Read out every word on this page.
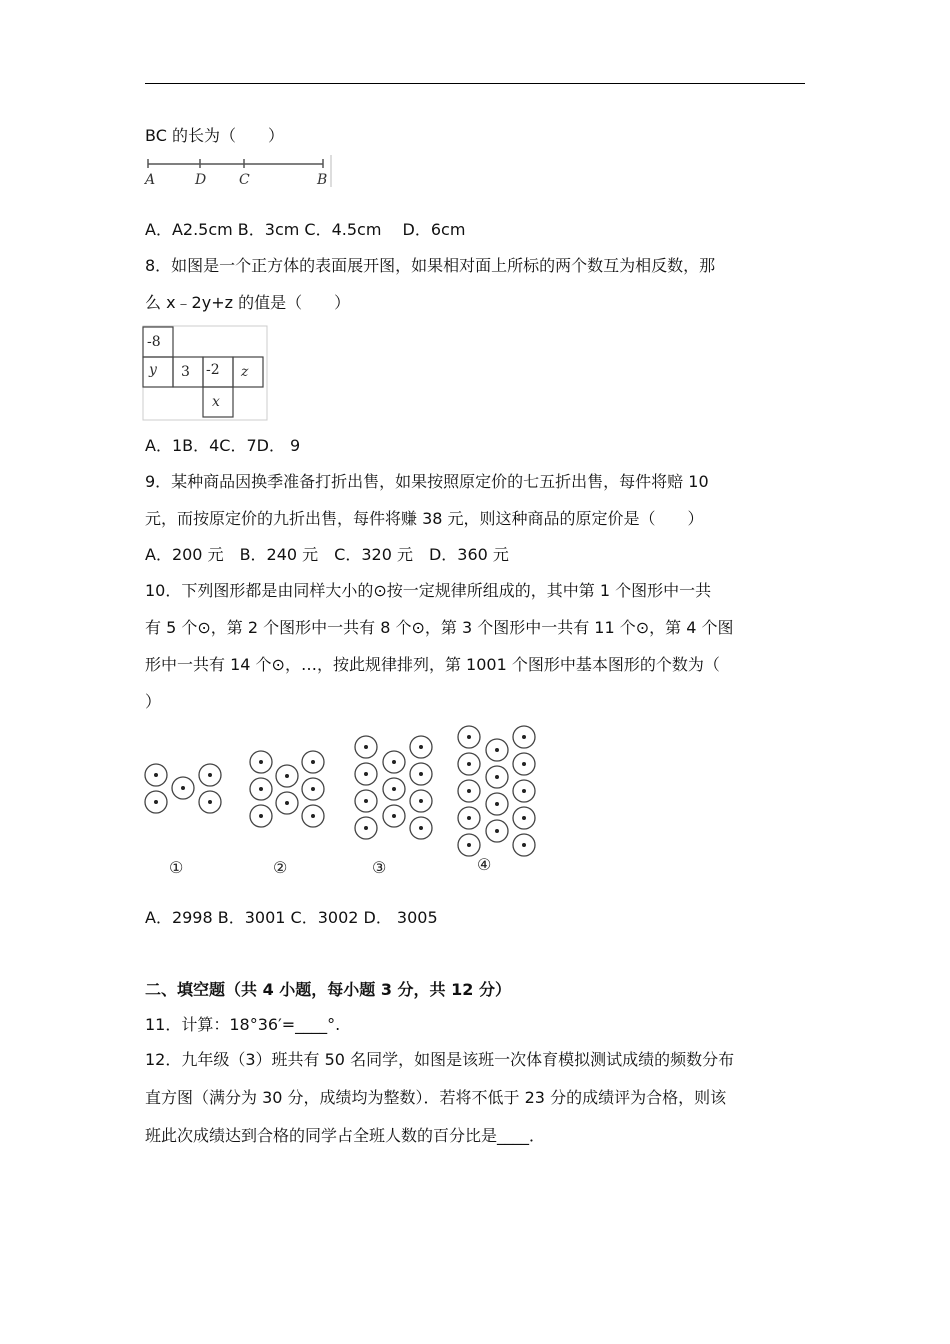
BC 的长为（　　）
A	D C	B
A．A2.5cm B．3cm C．4.5cm　 D．6cm
8．如图是一个正方体的表面展开图，如果相对面上所标的两个数互为相反数，那
么 x﹣2y+z 的值是（　　）
-8
y 3 -2 z
x
A．1B．4C．7D． 9
9．某种商品因换季准备打折出售，如果按照原定价的七五折出售，每件将赔 10
元，而按原定价的九折出售，每件将赚 38 元，则这种商品的原定价是（　　）
A．200 元　B．240 元　C．320 元　D．360 元
10．下列图形都是由同样大小的⊙按一定规律所组成的，其中第 1 个图形中一共
有 5 个⊙，第 2 个图形中一共有 8 个⊙，第 3 个图形中一共有 11 个⊙，第 4 个图
形中一共有 14 个⊙，…，按此规律排列，第 1001 个图形中基本图形的个数为（
）
①	②	③	④
A．2998 B．3001 C．3002 D． 3005
二、填空题（共 4 小题，每小题 3 分，共 12 分）
11．计算：18°36′=____°.
12．九年级（3）班共有 50 名同学，如图是该班一次体育模拟测试成绩的频数分布
直方图（满分为 30 分，成绩均为整数）．若将不低于 23 分的成绩评为合格，则该
班此次成绩达到合格的同学占全班人数的百分比是____．
